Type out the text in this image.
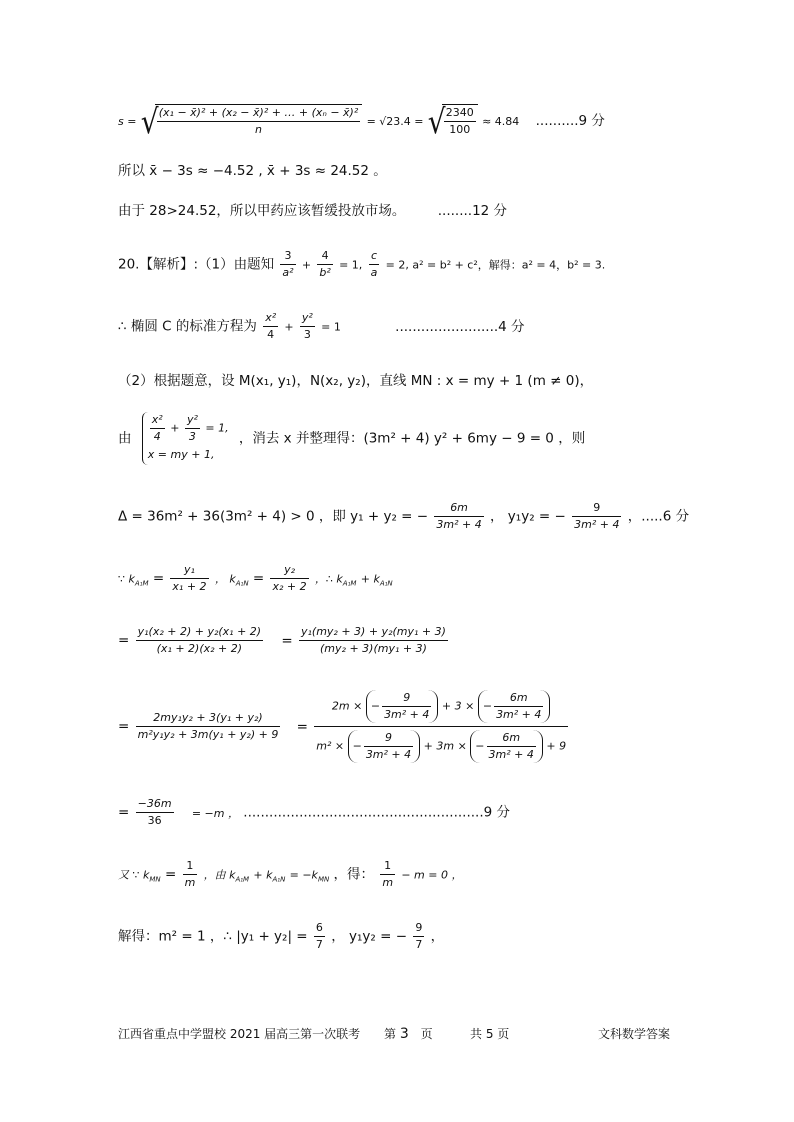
s = √
$\frac{\text{(x₁ − x̄)² + (x₂ − x̄)² + … + (xₙ − x̄)²}}{n} = √23.4$ = √
$\frac{2340}{100} \approx 4.84$ ..........9 分
所以 x̄ − 3s ≈ −4.52 , x̄ + 3s ≈ 24.52 。
由于 28>24.52，所以甲药应该暂缓投放市场。 ........12 分
20.【解析】:（1）由题知 $\frac{3}{\text{a²}} + \frac{4}{\text{b²}} = 1$, $\frac{c}{a} = 2$, a² = b² + c²，解得：a² = 4，b² = 3.
∴ 椭圆 C 的标准方程为 $\frac{\text{x²}}{4} + \frac{\text{y²}}{3} = 1$	........................4 分
（2）根据题意，设 M(x₁, y₁)，N(x₂, y₂)，直线 MN : x = my + 1 (m ≠ 0)，
由 $\frac{\text{x²}}{4} + \frac{\text{y²}}{3} = 1$,
x = my + 1,
，消去 x 并整理得：(3m² + 4) y² + 6my − 9 = 0 ，则
Δ = 36m² + 36(3m² + 4) > 0 ，即 y₁ + y₂ = − $\frac{6m}{\text{3m² + 4}}$ ， y₁y₂ = − $\frac{9}{\text{3m² + 4}}$ ，.....6 分
∵ $k_{A_1M} = \frac{\text{y₁}}{\text{x₁ + 2}}$ ， $k_{A_1N} = \frac{\text{y₂}}{\text{x₂ + 2}}$ ，∴ $k_{A_1M} + k_{A_1N}$
= $\frac{\text{y₁(x₂ + 2) + y₂(x₁ + 2)}}{\text{(x₁ + 2)(x₂ + 2)}} = \frac{\text{y₁(my₂ + 3) + y₂(my₁ + 3)}}{\text{(my₂ + 3)(my₁ + 3)}}$
= $\frac{\text{2my₁y₂ + 3(y₁ + y₂)}}{\text{m²y₁y₂ + 3m(y₁ + y₂) + 9}} = \frac{2m \times - \frac{9}{\text{3m² + 4}} + 3 \times - \frac{6m}{\text{3m² + 4}}}{m^2 \times - \frac{9}{\text{3m² + 4}} + 3m \times - \frac{6m}{\text{3m² + 4}} + 9}$
= $\frac{-36m}{36} = -m$ ， ........................................................9 分
又 ∵ $k_{MN} = \frac{1}{m}$ ，由 $k_{A_1M} + k_{A_1N} = -k_{MN}$ ，得： $\frac{1}{m} - m = 0$ ，
解得：m² = 1 ，∴ $|y_1 + y_2| = \frac{6}{7}$ ， y₁y₂ = − $\frac{9}{7}$ ，
江西省重点中学盟校 2021 届高三第一次联考 第 3 页	共 5 页	文科数学答案
